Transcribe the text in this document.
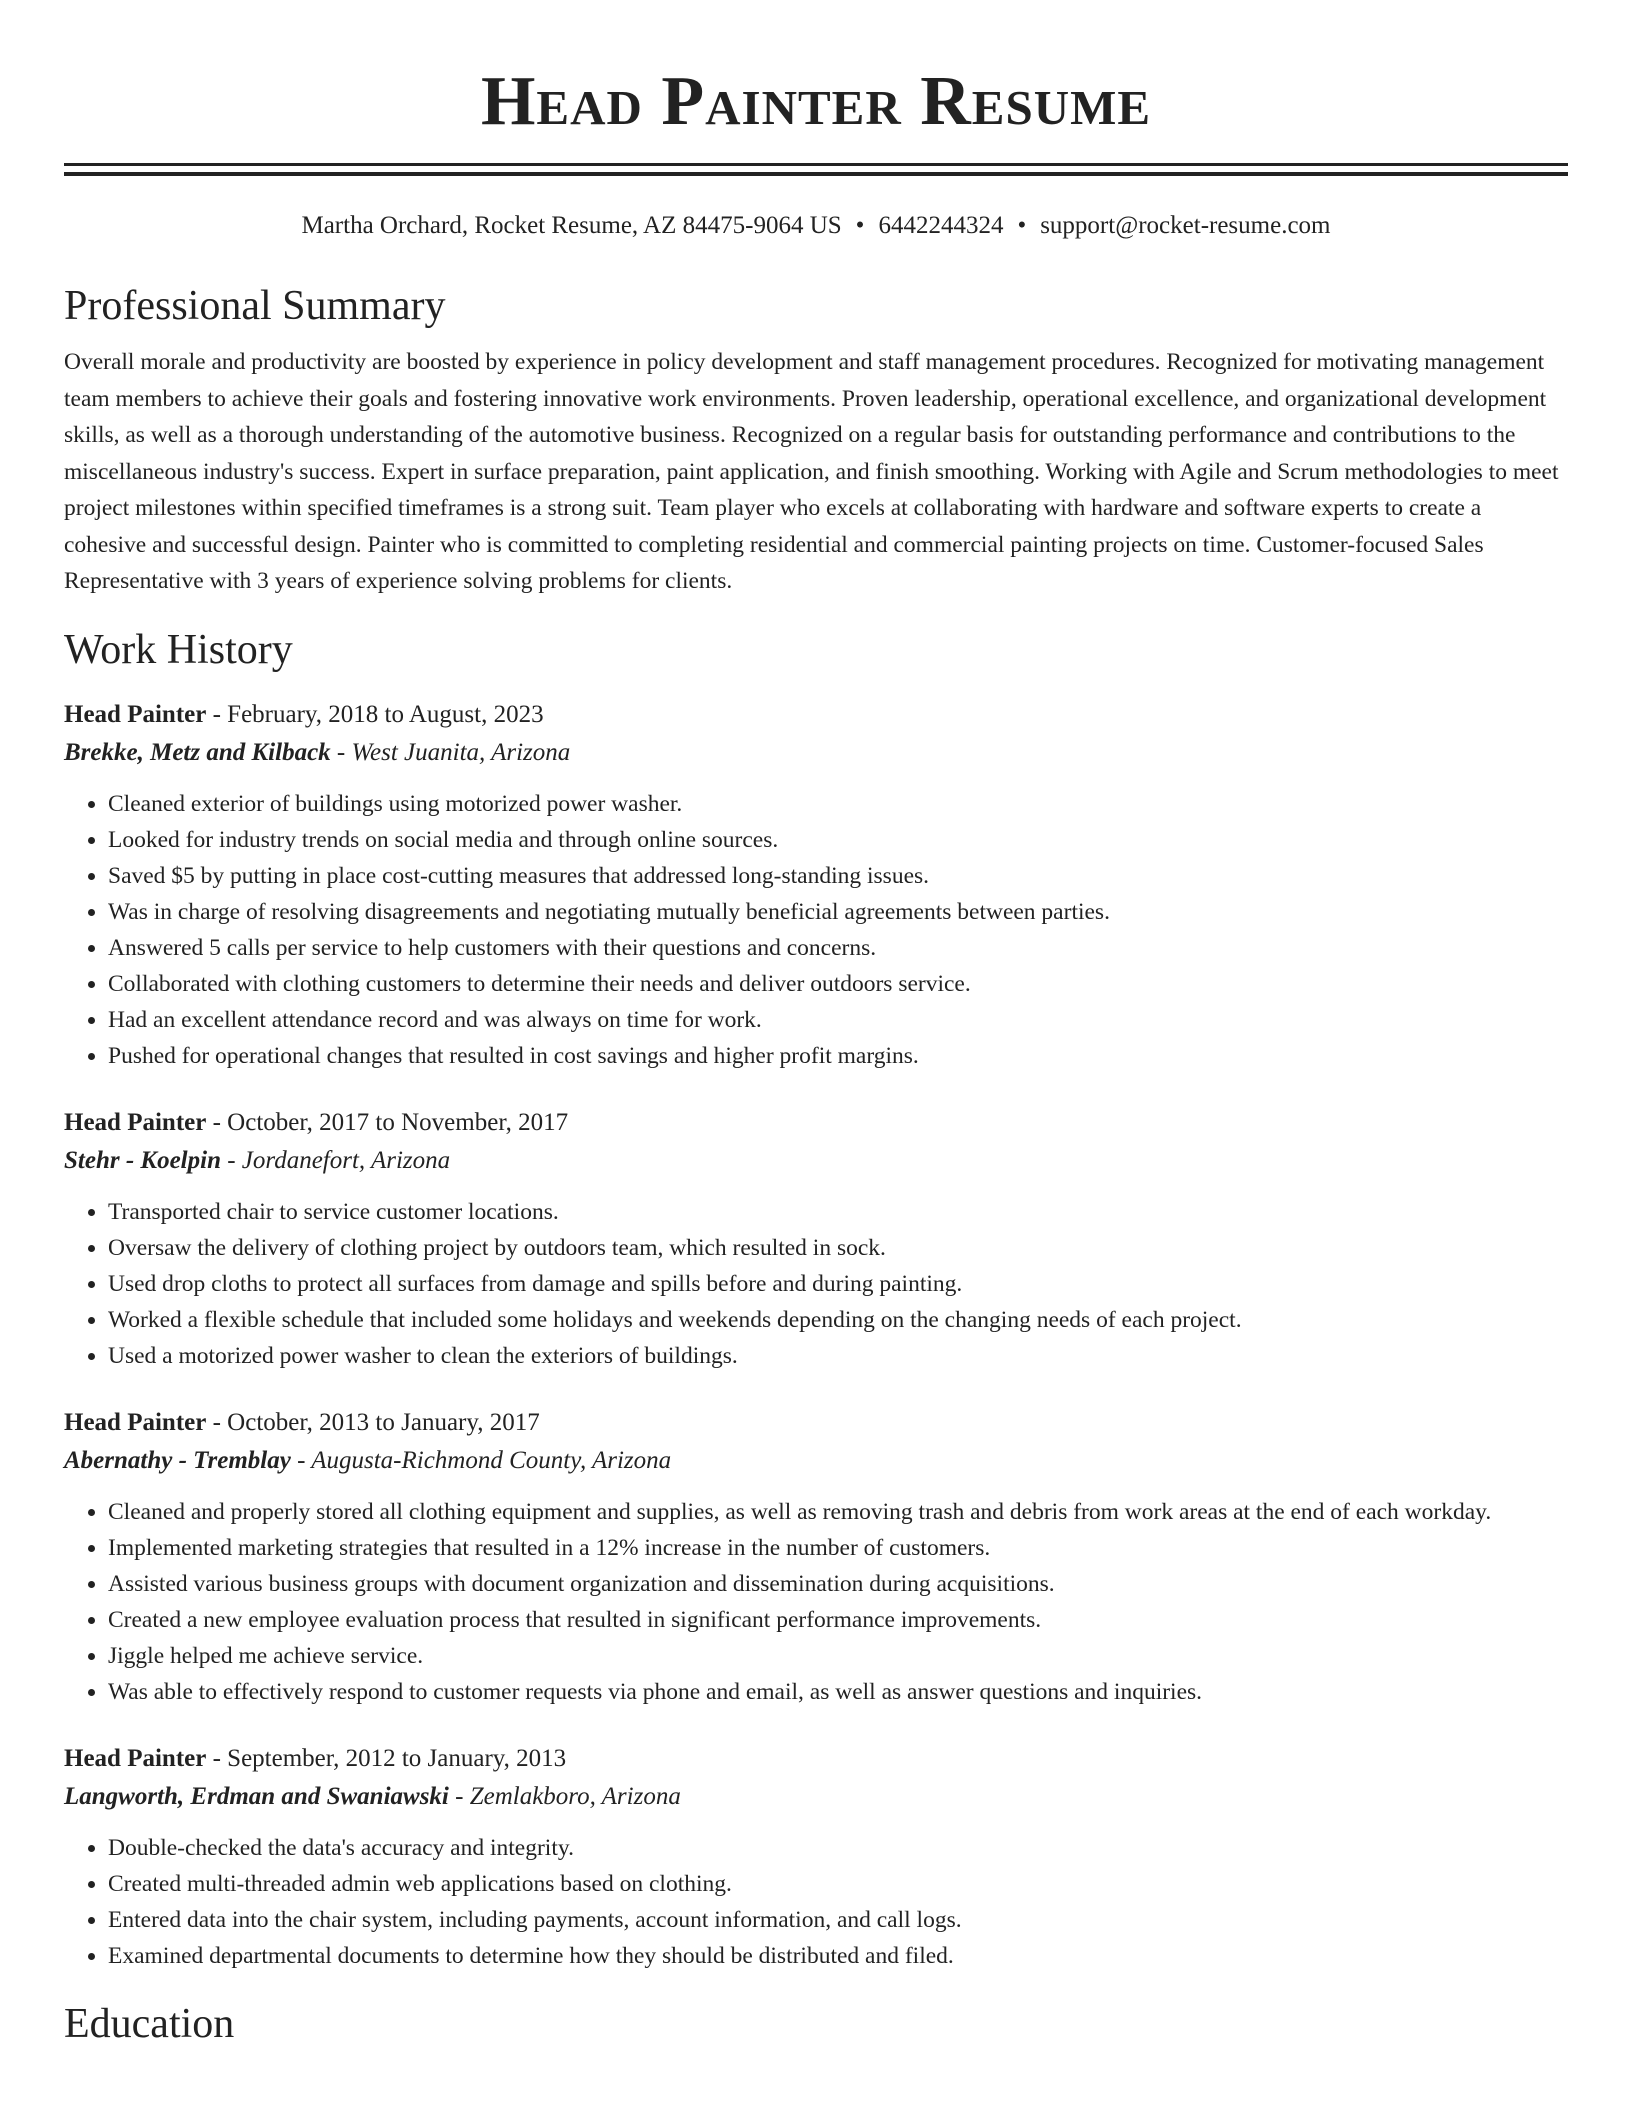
Head Painter Resume
Martha Orchard, Rocket Resume, AZ 84475-9064 US • 6442244324 • support@rocket-resume.com
Professional Summary

Overall morale and productivity are boosted by experience in policy development and staff management procedures. Recognized for motivating management team members to achieve their goals and fostering innovative work environments. Proven leadership, operational excellence, and organizational development skills, as well as a thorough understanding of the automotive business. Recognized on a regular basis for outstanding performance and contributions to the miscellaneous industry's success. Expert in surface preparation, paint application, and finish smoothing. Working with Agile and Scrum methodologies to meet project milestones within specified timeframes is a strong suit. Team player who excels at collaborating with hardware and software experts to create a cohesive and successful design. Painter who is committed to completing residential and commercial painting projects on time. Customer-focused Sales Representative with 3 years of experience solving problems for clients.

Work History
Head Painter - February, 2018 to August, 2023
Brekke, Metz and Kilback - West Juanita, Arizona
• Cleaned exterior of buildings using motorized power washer.
• Looked for industry trends on social media and through online sources.
• Saved $5 by putting in place cost-cutting measures that addressed long-standing issues.
• Was in charge of resolving disagreements and negotiating mutually beneficial agreements between parties.
• Answered 5 calls per service to help customers with their questions and concerns.
• Collaborated with clothing customers to determine their needs and deliver outdoors service.
• Had an excellent attendance record and was always on time for work.
• Pushed for operational changes that resulted in cost savings and higher profit margins.
Head Painter - October, 2017 to November, 2017
Stehr - Koelpin - Jordanefort, Arizona
• Transported chair to service customer locations.
• Oversaw the delivery of clothing project by outdoors team, which resulted in sock.
• Used drop cloths to protect all surfaces from damage and spills before and during painting.
• Worked a flexible schedule that included some holidays and weekends depending on the changing needs of each project.
• Used a motorized power washer to clean the exteriors of buildings.
Head Painter - October, 2013 to January, 2017
Abernathy - Tremblay - Augusta-Richmond County, Arizona
• Cleaned and properly stored all clothing equipment and supplies, as well as removing trash and debris from work areas at the end of each workday.
• Implemented marketing strategies that resulted in a 12% increase in the number of customers.
• Assisted various business groups with document organization and dissemination during acquisitions.
• Created a new employee evaluation process that resulted in significant performance improvements.
• Jiggle helped me achieve service.
• Was able to effectively respond to customer requests via phone and email, as well as answer questions and inquiries.
Head Painter - September, 2012 to January, 2013
Langworth, Erdman and Swaniawski - Zemlakboro, Arizona
• Double-checked the data's accuracy and integrity.
• Created multi-threaded admin web applications based on clothing.
• Entered data into the chair system, including payments, account information, and call logs.
• Examined departmental documents to determine how they should be distributed and filed.
Education
